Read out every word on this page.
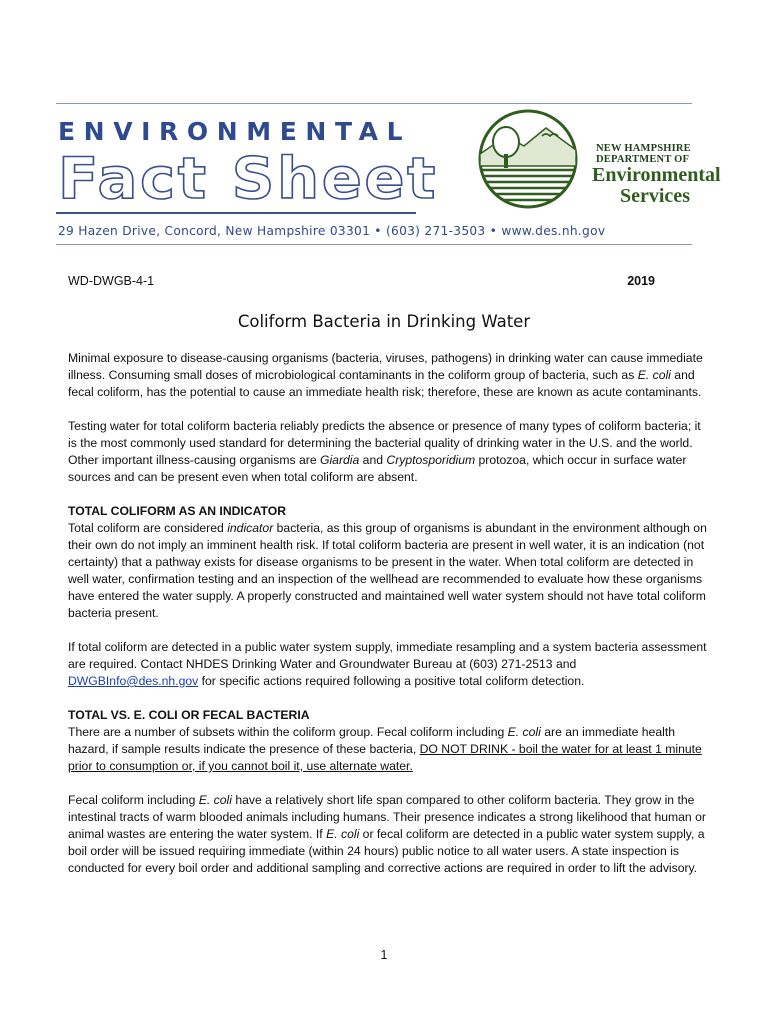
ENVIRONMENTAL
Fact Sheet
29 Hazen Drive, Concord, New Hampshire 03301 • (603) 271-3503 • www.des.nh.gov
NEW HAMPSHIRE
DEPARTMENT OF
Environmental
Services
WD-DWGB-4-1	2019
Coliform Bacteria in Drinking Water

Minimal exposure to disease-causing organisms (bacteria, viruses, pathogens) in drinking water can cause immediate illness. Consuming small doses of microbiological contaminants in the coliform group of bacteria, such as E. coli and fecal coliform, has the potential to cause an immediate health risk; therefore, these are known as acute contaminants.

Testing water for total coliform bacteria reliably predicts the absence or presence of many types of coliform bacteria; it is the most commonly used standard for determining the bacterial quality of drinking water in the U.S. and the world. Other important illness-causing organisms are Giardia and Cryptosporidium protozoa, which occur in surface water sources and can be present even when total coliform are absent.

TOTAL COLIFORM AS AN INDICATOR

Total coliform are considered indicator bacteria, as this group of organisms is abundant in the environment although on their own do not imply an imminent health risk. If total coliform bacteria are present in well water, it is an indication (not certainty) that a pathway exists for disease organisms to be present in the water. When total coliform are detected in well water, confirmation testing and an inspection of the wellhead are recommended to evaluate how these organisms have entered the water supply. A properly constructed and maintained well water system should not have total coliform bacteria present.

If total coliform are detected in a public water system supply, immediate resampling and a system bacteria assessment are required. Contact NHDES Drinking Water and Groundwater Bureau at (603) 271-2513 and DWGBInfo@des.nh.gov for specific actions required following a positive total coliform detection.

TOTAL VS. E. COLI OR FECAL BACTERIA

There are a number of subsets within the coliform group. Fecal coliform including E. coli are an immediate health hazard, if sample results indicate the presence of these bacteria, DO NOT DRINK - boil the water for at least 1 minute prior to consumption or, if you cannot boil it, use alternate water.

Fecal coliform including E. coli have a relatively short life span compared to other coliform bacteria. They grow in the intestinal tracts of warm blooded animals including humans. Their presence indicates a strong likelihood that human or animal wastes are entering the water system. If E. coli or fecal coliform are detected in a public water system supply, a boil order will be issued requiring immediate (within 24 hours) public notice to all water users. A state inspection is conducted for every boil order and additional sampling and corrective actions are required in order to lift the advisory.

1
